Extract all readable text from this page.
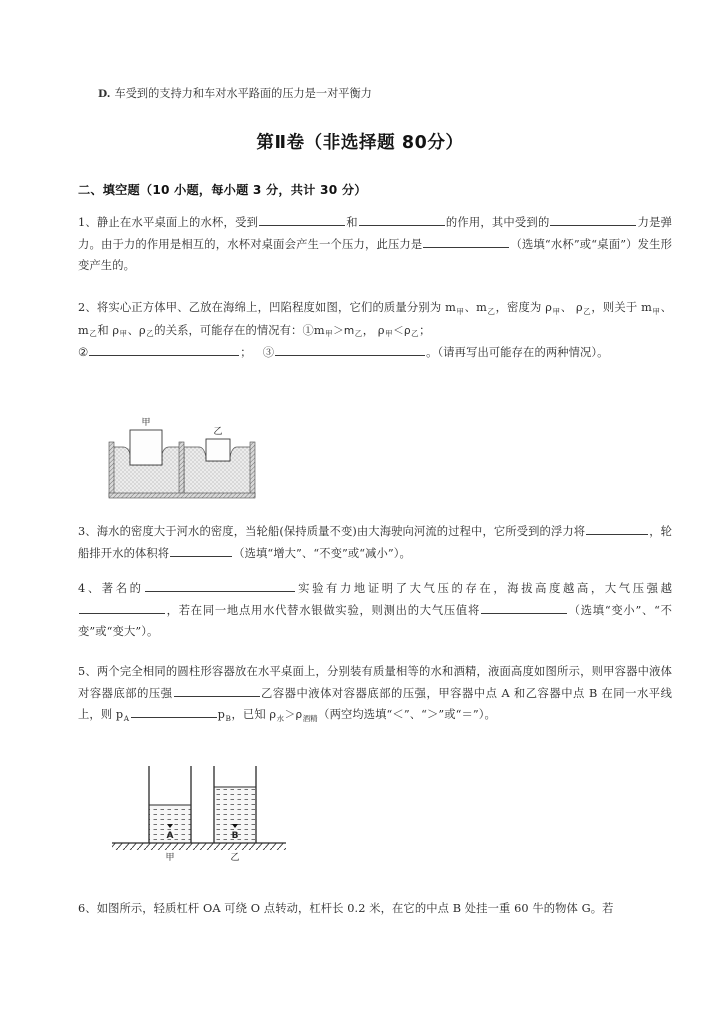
D. 车受到的支持力和车对水平路面的压力是一对平衡力
第Ⅱ卷（非选择题 80分）
二、填空题（10 小题，每小题 3 分，共计 30 分）
1、静止在水平桌面上的水杯，受到	和	的作用，其中受到的	力是弹力。由于力的作用是相互的，水杯对桌面会产生一个压力，此压力是	（选填“水杯”或“桌面”）发生形变产生的。
2、将实心正方体甲、乙放在海绵上，凹陷程度如图，它们的质量分别为 $m_甲$、$m_乙$，密度为 $\rho_甲$、 $\rho_乙$，则关于 $m_甲$、$m_乙$和 $\rho_甲$、$\rho_乙$的关系，可能存在的情况有：$①m_甲>m_乙$， $\rho_甲<\rho_乙$；
②	；   ③	。（请再写出可能存在的两种情况）。
甲
乙
3、海水的密度大于河水的密度，当轮船(保持质量不变)由大海驶向河流的过程中，它所受到的浮力将	，轮船排开水的体积将	（选填“增大”、“不变”或“减小”）。
4、著名的	实验有力地证明了大气压的存在，海拔高度越高，大气压强越，若在同一地点用水代替水银做实验，则测出的大气压值将	（选填“变小”、“不变”或“变大”）。
5、两个完全相同的圆柱形容器放在水平桌面上，分别装有质量相等的水和酒精，液面高度如图所示，则甲容器中液体对容器底部的压强	乙容器中液体对容器底部的压强，甲容器中点 A 和乙容器中点 B 在同一水平线上，则 $p_A$	$p_B$，已知 $\rho_水>\rho_{酒精}$（两空均选填“＜”、“＞”或“＝”）。
A	B
甲	乙
6、如图所示，轻质杠杆 OA 可绕 O 点转动，杠杆长 0.2 米，在它的中点 B 处挂一重 60 牛的物体 G。若
